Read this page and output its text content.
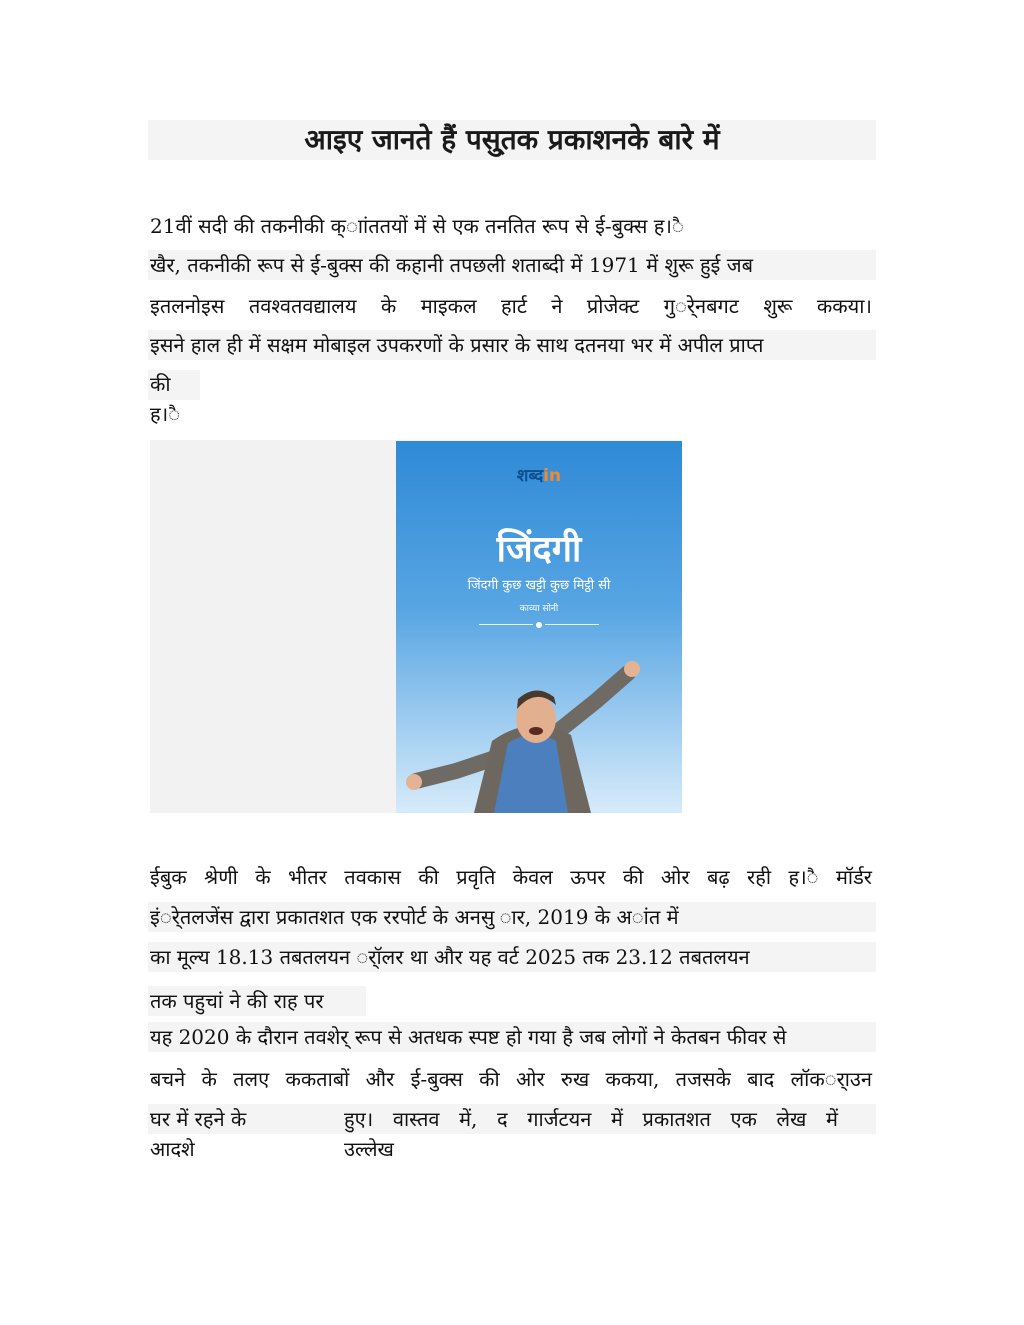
आइए जानते हैं पसु्तक प्रकाशनके बारे में
21वीं सदी की तकनीकी क्ाांततयों में से एक तनतित रूप से ई-बुक्स ह।ै
खैर, तकनीकी रूप से ई-बुक्स की कहानी तपछली शताब्दी में 1971 में शुरू हुई जब
इतलनोइस तवश्वतवद्यालय के माइकल हार्ट ने प्रोजेक्ट गुर्ेनबगट शुरू ककया।
इसने हाल ही में सक्षम मोबाइल उपकरणों के प्रसार के साथ दतनया भर में अपील प्राप्त
की
ह।ै
शब्दin
जिंदगी
जिंदगी कुछ खट्टी कुछ मिट्ठी सी
काव्या सोनी
ईबुक श्रेणी के भीतर तवकास की प्रवृति केवल ऊपर की ओर बढ़ रही ह।ै मॉर्डर
इंर्ेतलजेंस द्वारा प्रकातशत एक ररपोर्ट के अनसु ार, 2019 के अांत में
का मूल्य 18.13 तबतलयन र्ॉलर था और यह वर्ट 2025 तक 23.12 तबतलयन
तक पहुचां ने की राह पर
यह 2020 के दौरान तवशेर् रूप से अतधक स्पष्ट हो गया है जब लोगों ने केतबन फीवर से
बचने के तलए ककताबों और ई-बुक्स की ओर रुख ककया, तजसके बाद लॉकर्ाउन
घर में रहने के
आदशे
हुए। वास्तव में, द गार्जटयन में प्रकातशत एक लेख में
उल्लेख
